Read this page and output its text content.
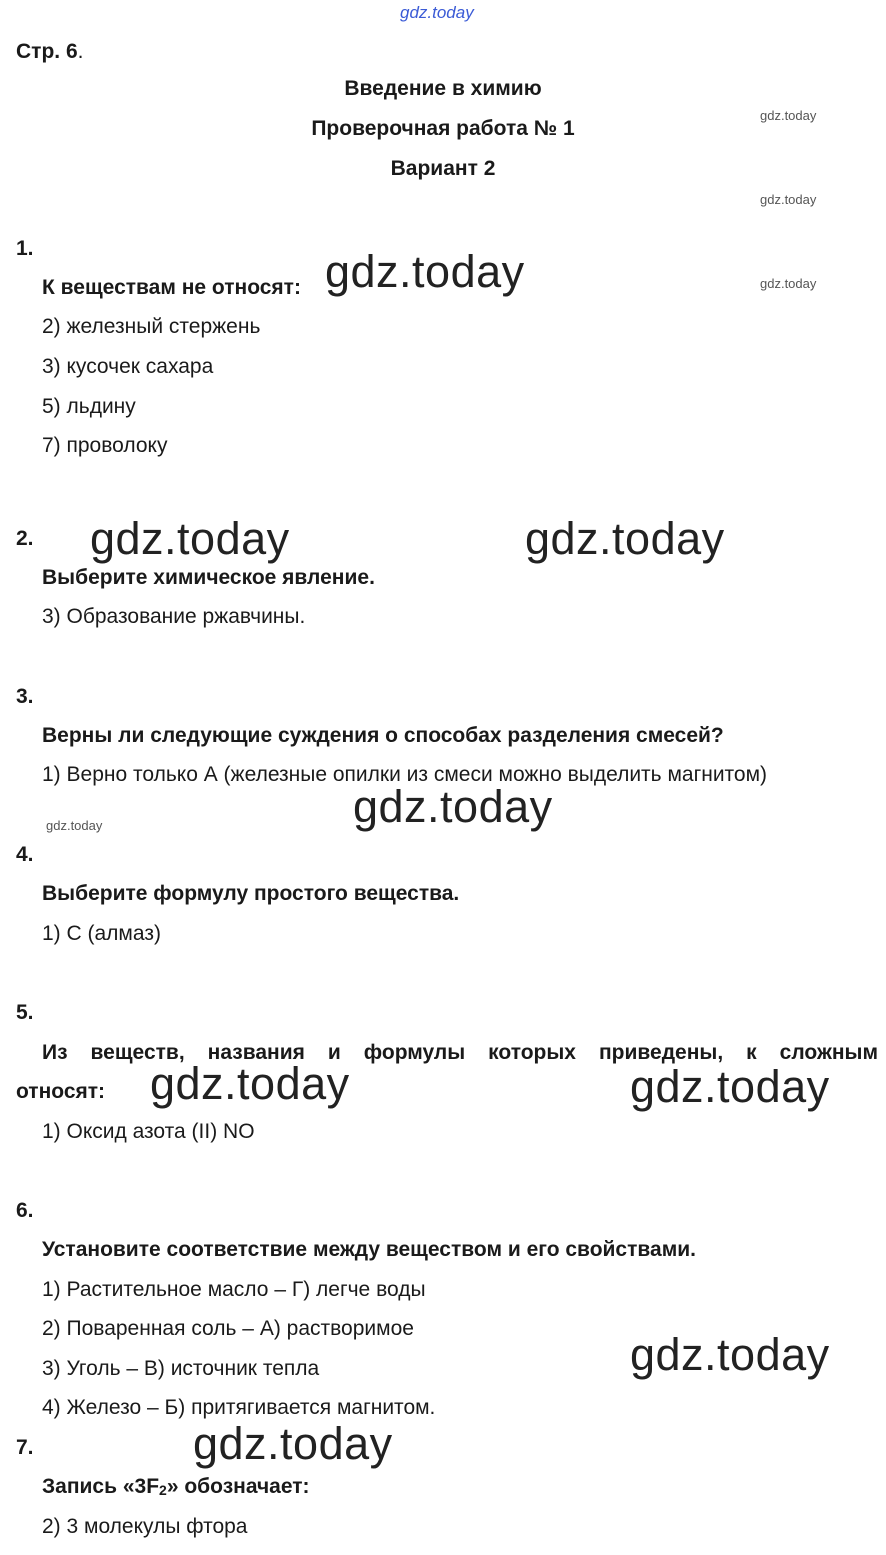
gdz.today
gdz.today
gdz.today
gdz.today
gdz.today
gdz.today
gdz.today	gdz.today
gdz.today
gdz.today	gdz.today
gdz.today
gdz.today
Стр. 6.
Введение в химию
Проверочная работа № 1
Вариант 2
1.
К веществам не относят:
2) железный стержень
3) кусочек сахара
5) льдину
7) проволоку
2.
Выберите химическое явление.
3) Образование ржавчины.
3.
Верны ли следующие суждения о способах разделения смесей?
1) Верно только А (железные опилки из смеси можно выделить магнитом)
4.
Выберите формулу простого вещества.
1) С (алмаз)
5.
Из веществ, названия и формулы которых приведены, к сложным
относят:
1) Оксид азота (II) NO
6.
Установите соответствие между веществом и его свойствами.
1) Растительное масло – Г) легче воды
2) Поваренная соль – А) растворимое
3) Уголь – В) источник тепла
4) Железо – Б) притягивается магнитом.
7.
Запись «$3F_2$» обозначает:
2) 3 молекулы фтора
